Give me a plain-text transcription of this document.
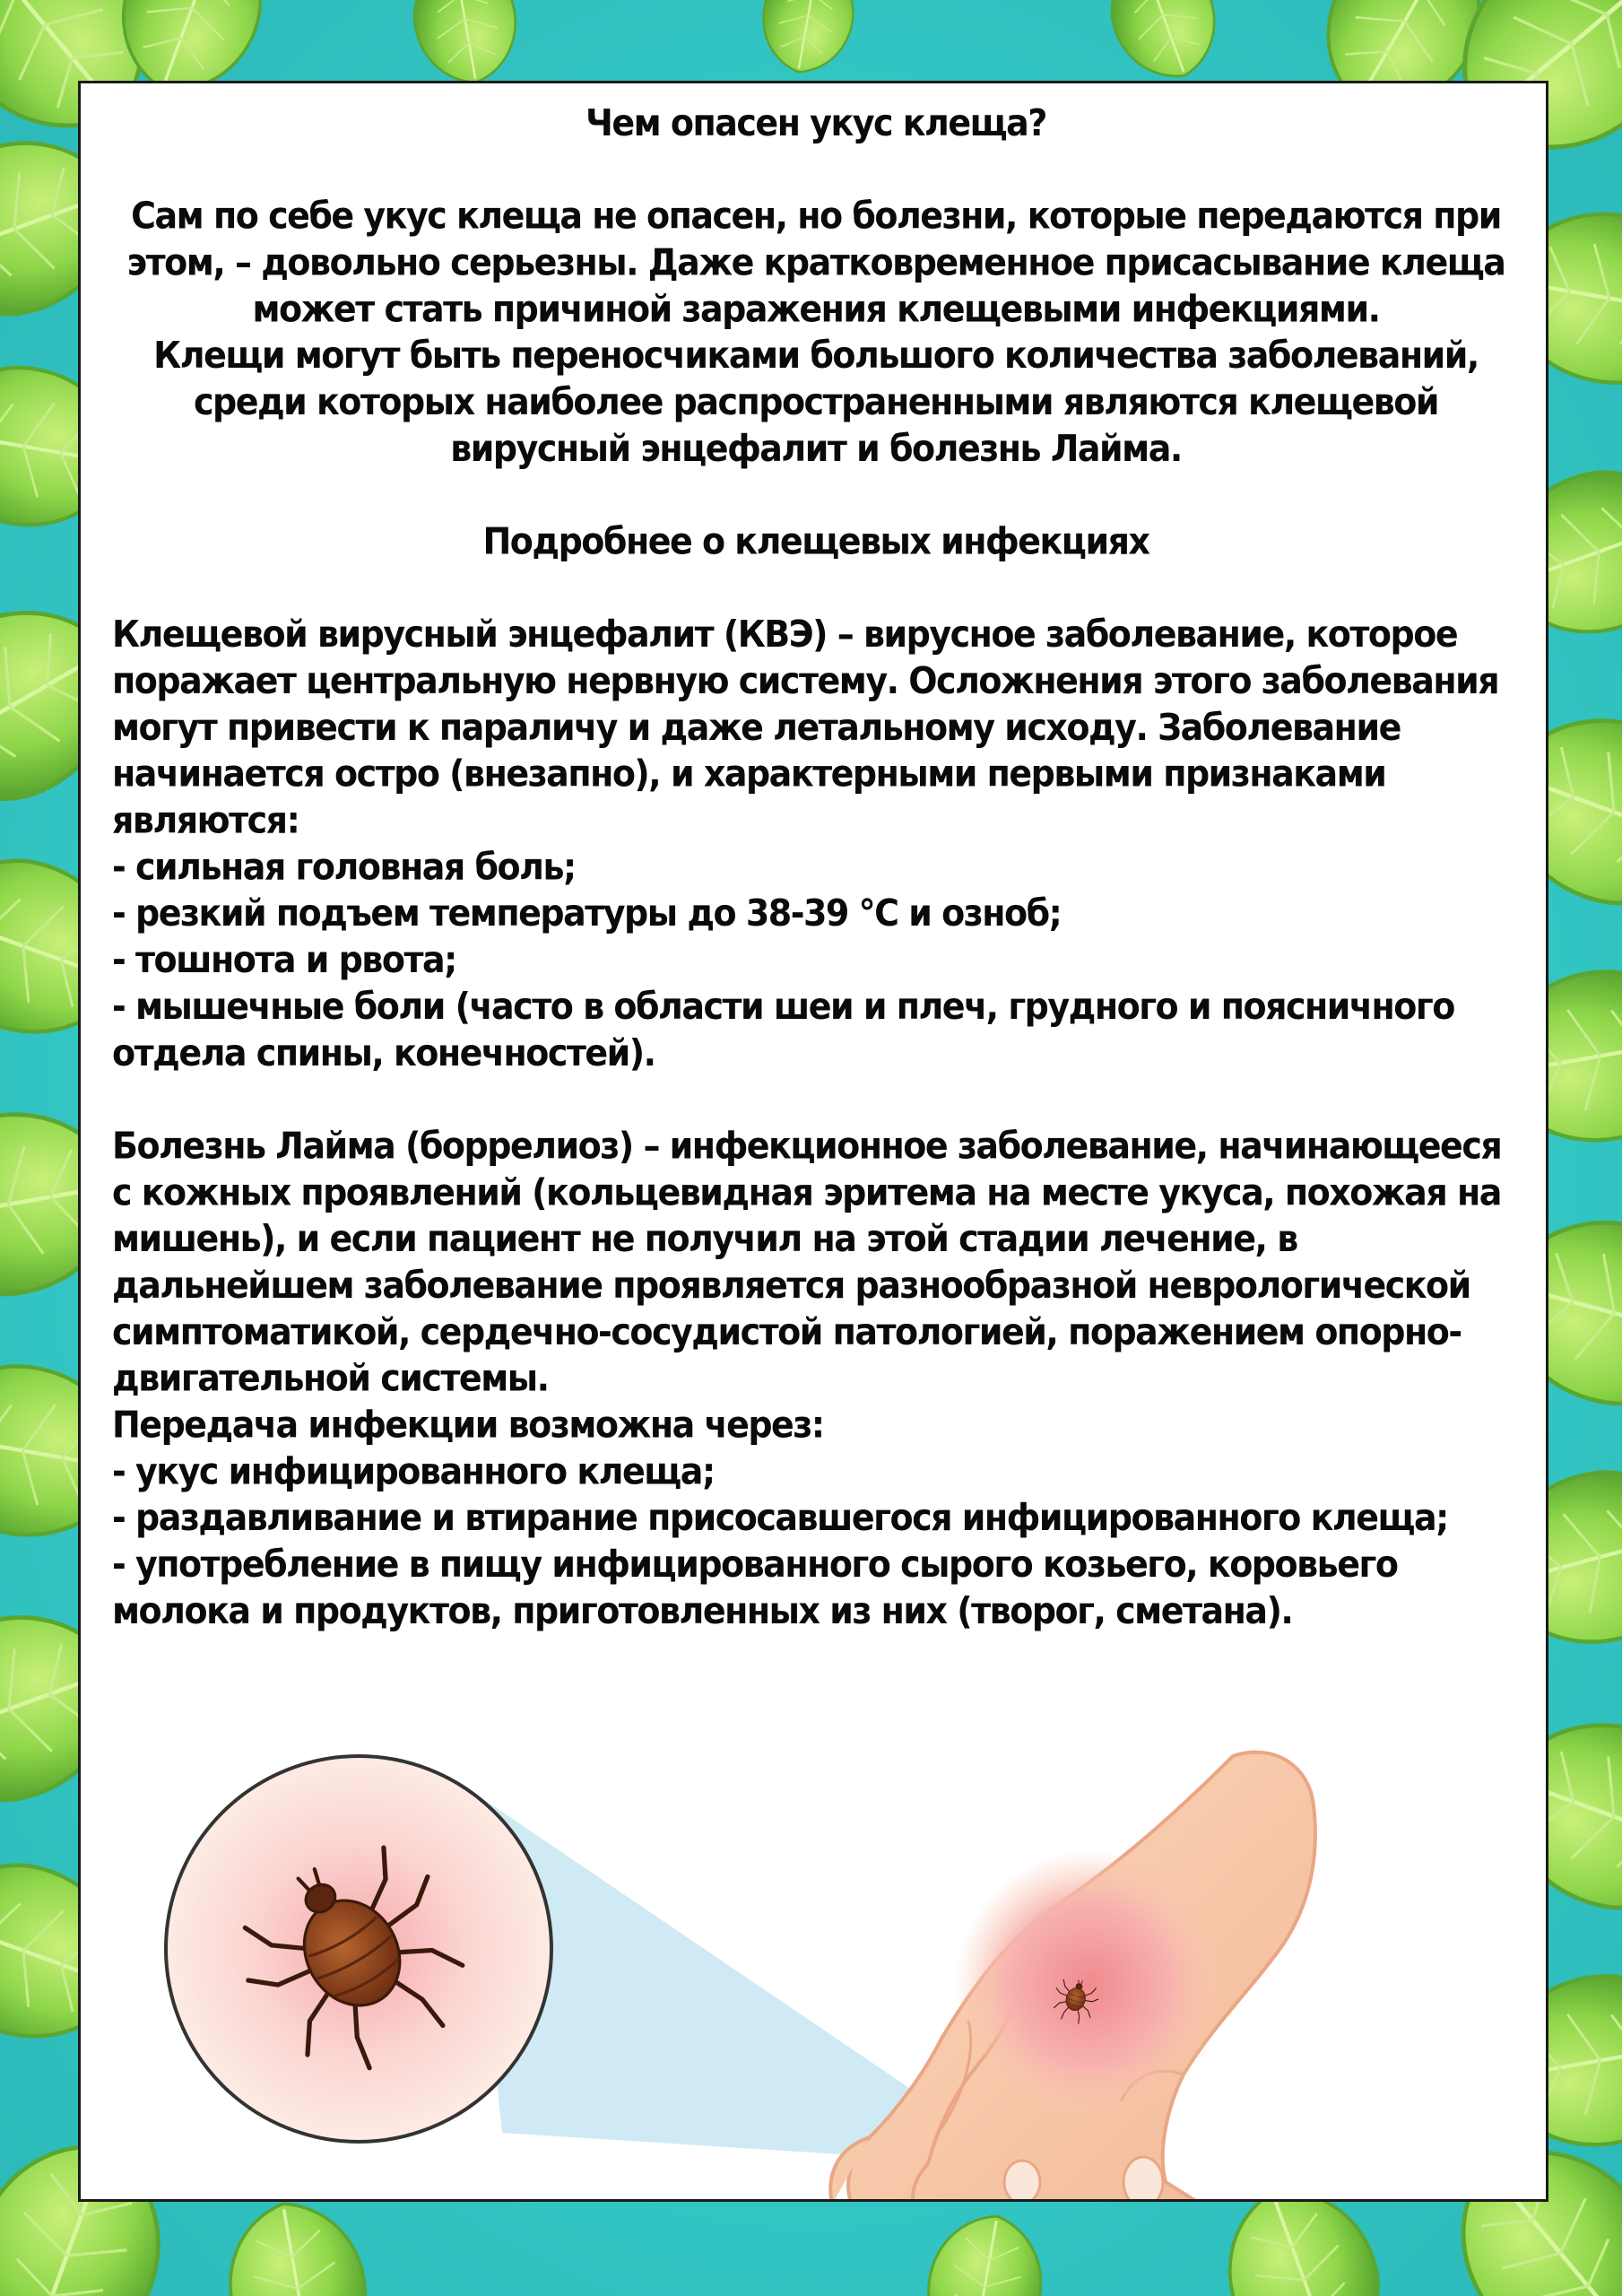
Чем опасен укус клеща?

Сам по себе укус клеща не опасен, но болезни, которые передаются при этом, – довольно серьезны. Даже кратковременное присасывание клеща может стать причиной заражения клещевыми инфекциями.

Клещи могут быть переносчиками большого количества заболеваний, среди которых наиболее распространенными являются клещевой вирусный энцефалит и болезнь Лайма.

Подробнее о клещевых инфекциях

Клещевой вирусный энцефалит (КВЭ) – вирусное заболевание, которое поражает центральную нервную систему. Осложнения этого заболевания могут привести к параличу и даже летальному исходу. Заболевание начинается остро (внезапно), и характерными первыми признаками являются:

- сильная головная боль;
- резкий подъем температуры до 38-39 °С и озноб;
- тошнота и рвота;
- мышечные боли (часто в области шеи и плеч, грудного и поясничного отдела спины, конечностей).

Болезнь Лайма (боррелиоз) – инфекционное заболевание, начинающееся с кожных проявлений (кольцевидная эритема на месте укуса, похожая на мишень), и если пациент не получил на этой стадии лечение, в дальнейшем заболевание проявляется разнообразной неврологической симптоматикой, сердечно-сосудистой патологией, поражением опорно-двигательной системы.

Передача инфекции возможна через:

- укус инфицированного клеща;
- раздавливание и втирание присосавшегося инфицированного клеща;
- употребление в пищу инфицированного сырого козьего, коровьего молока и продуктов, приготовленных из них (творог, сметана).
